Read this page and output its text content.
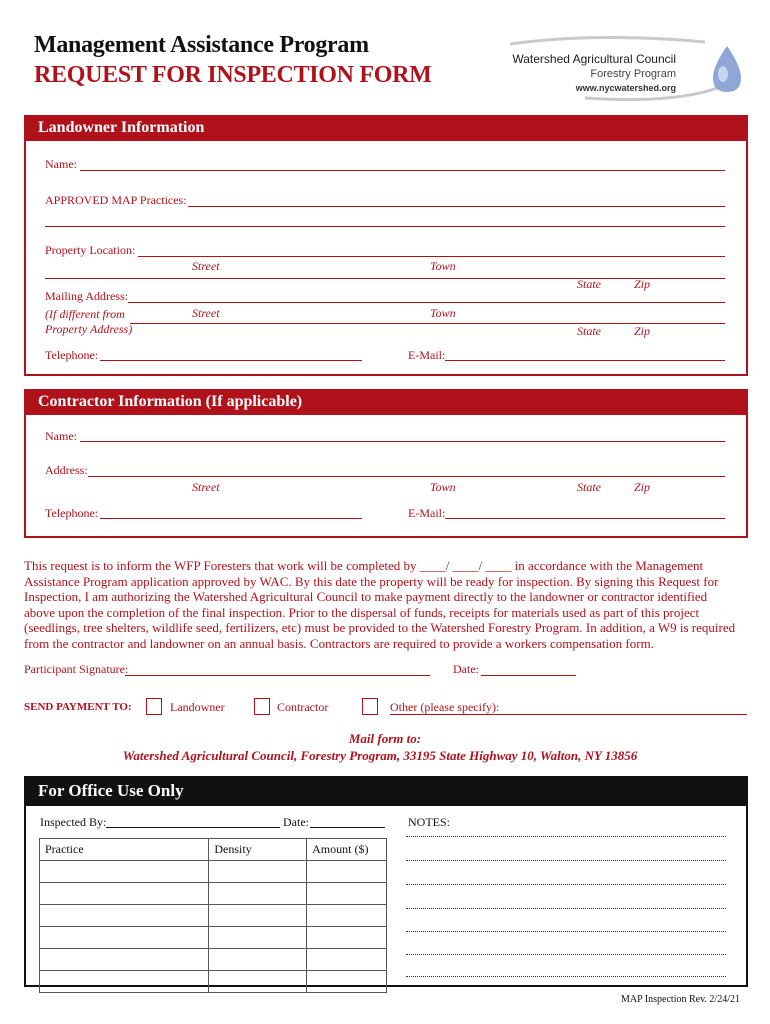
Management Assistance Program
REQUEST FOR INSPECTION FORM
Watershed Agricultural Council
Forestry Program
www.nycwatershed.org
Landowner Information
Name:
APPROVED MAP Practices:
Property Location:
Street	Town
State	Zip
Mailing Address:
(If different from
Property Address)
Street	Town
State	Zip
Telephone:	E-Mail:
Contractor Information (If applicable)
Name:
Address:
Street	Town	State	Zip
Telephone:	E-Mail:
This request is to inform the WFP Foresters that work will be completed by ____/ ____/ ____ in accordance with the Management
Assistance Program application approved by WAC. By this date the property will be ready for inspection. By signing this Request for
Inspection, I am authorizing the Watershed Agricultural Council to make payment directly to the landowner or contractor identified
above upon the completion of the final inspection. Prior to the dispersal of funds, receipts for materials used as part of this project
(seedlings, tree shelters, wildlife seed, fertilizers, etc) must be provided to the Watershed Forestry Program. In addition, a W9 is required
from the contractor and landowner on an annual basis. Contractors are required to provide a workers compensation form.
Participant Signature:	Date:
SEND PAYMENT TO:	Landowner	Contractor	Other (please specify):
Mail form to:
Watershed Agricultural Council, Forestry Program, 33195 State Highway 10, Walton, NY 13856
For Office Use Only
Inspected By:	Date:	NOTES:
Practice	Density	Amount ($)

MAP Inspection Rev. 2/24/21
